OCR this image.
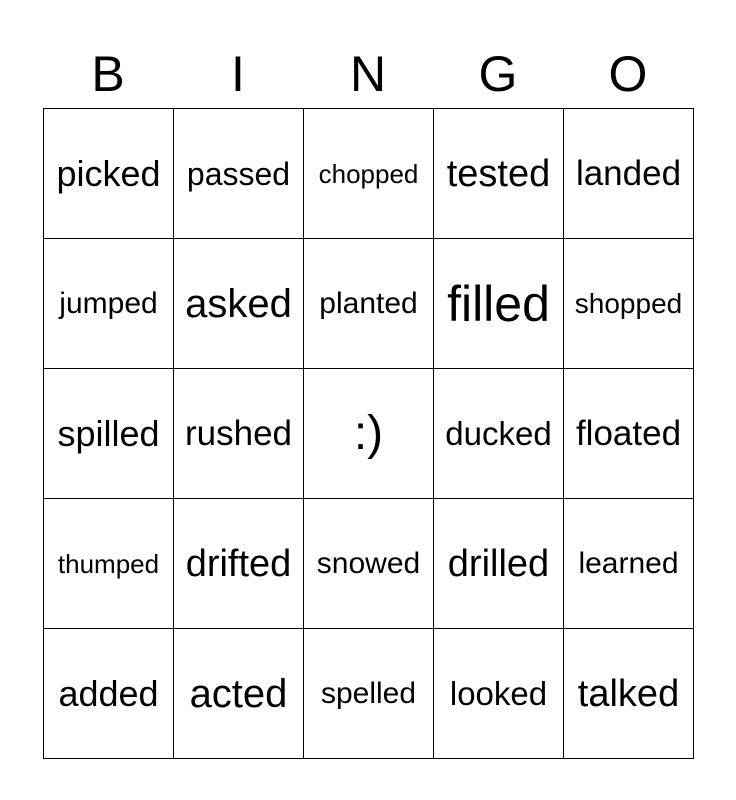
B	I	N	G	O
picked passed	chopped tested landed
jumped asked planted filled shopped
spilled rushed	:)	ducked floated
thumped drifted snowed drilled learned
added acted	spelled	looked talked
